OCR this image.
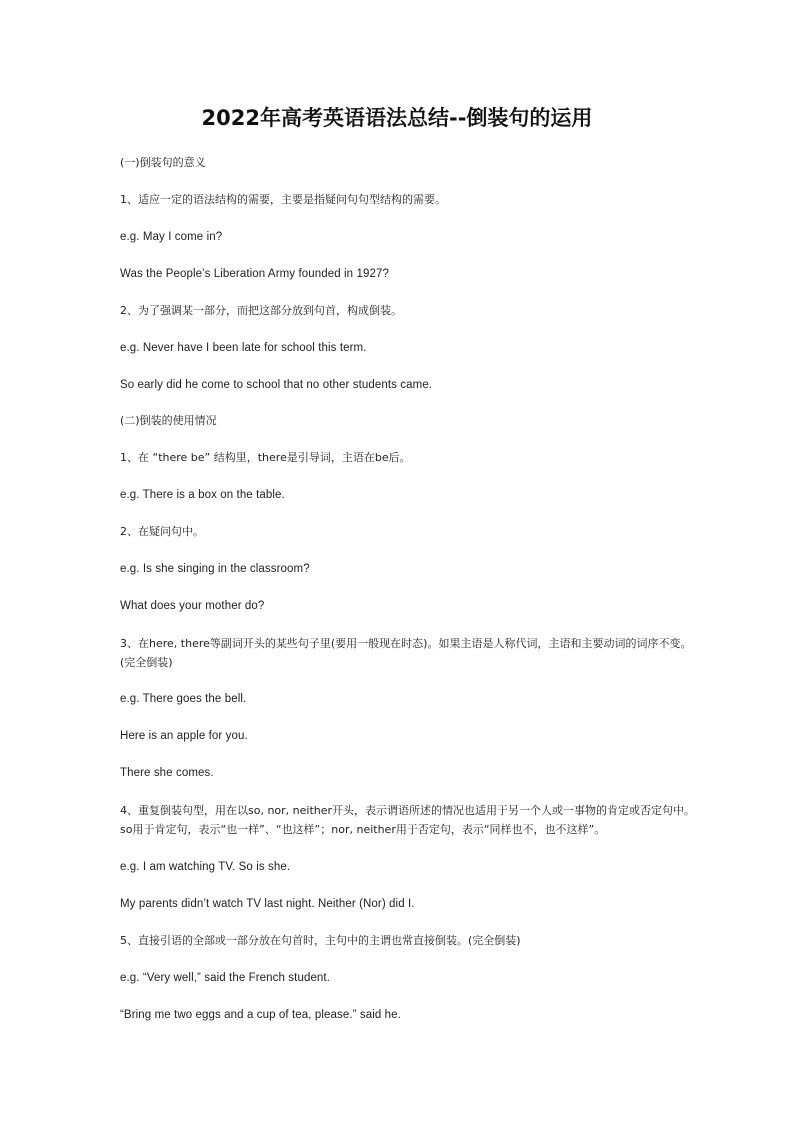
2022年高考英语语法总结--倒装句的运用

(一)倒装句的意义

1、适应一定的语法结构的需要，主要是指疑问句句型结构的需要。

e.g. May I come in?

Was the People’s Liberation Army founded in 1927?

2、为了强调某一部分，而把这部分放到句首，构成倒装。

e.g. Never have I been late for school this term.

So early did he come to school that no other students came.

(二)倒装的使用情况

1、在 “there be” 结构里，there是引导词，主语在be后。

e.g. There is a box on the table.

2、在疑问句中。

e.g. Is she singing in the classroom?

What does your mother do?

3、在here, there等副词开头的某些句子里(要用一般现在时态)。如果主语是人称代词，主语和主要动词的词序不变。(完全倒装)

e.g. There goes the bell.

Here is an apple for you.

There she comes.

4、重复倒装句型，用在以so, nor, neither开头，表示谓语所述的情况也适用于另一个人或一事物的肯定或否定句中。so用于肯定句，表示“也一样”、“也这样”；nor, neither用于否定句，表示“同样也不，也不这样”。

e.g. I am watching TV. So is she.

My parents didn’t watch TV last night. Neither (Nor) did I.

5、直接引语的全部或一部分放在句首时，主句中的主谓也常直接倒装。(完全倒装)

e.g. “Very well,” said the French student.

“Bring me two eggs and a cup of tea, please.” said he.
